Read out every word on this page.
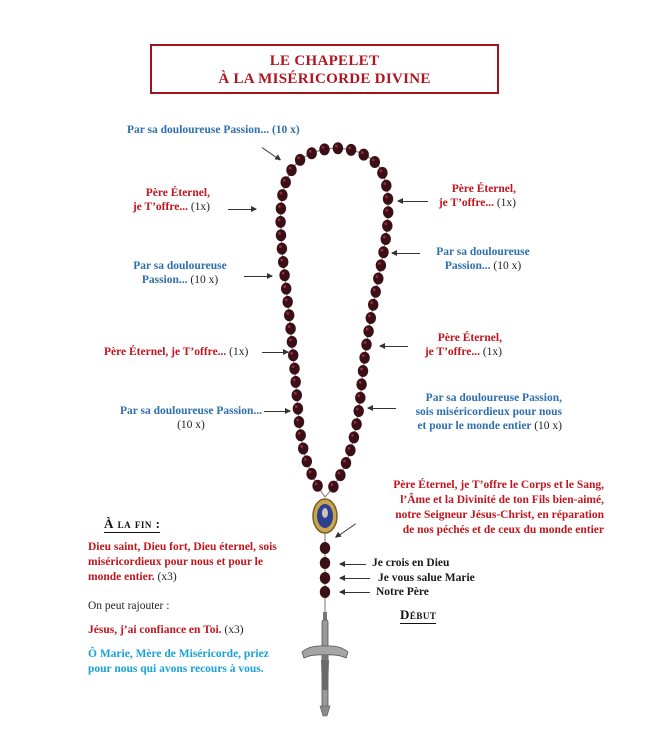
LE CHAPELET
À LA MISÉRICORDE DIVINE
Par sa douloureuse Passion... (10 x)
Père Éternel,
je T’offre... (1x)
Par sa douloureuse
Passion... (10 x)
Père Éternel, je T’offre... (1x)
Par sa douloureuse Passion...
(10 x)
Père Éternel,
je T’offre... (1x)
Par sa douloureuse
Passion... (10 x)
Père Éternel,
je T’offre... (1x)
Par sa douloureuse Passion,
sois miséricordieux pour nous
et pour le monde entier (10 x)
Père Éternel, je T’offre le Corps et le Sang,
l’Âme et la Divinité de ton Fils bien-aimé,
notre Seigneur Jésus-Christ, en réparation
de nos péchés et de ceux du monde entier
Je crois en Dieu
Je vous salue Marie
Notre Père
Début
À la fin :
Dieu saint, Dieu fort, Dieu éternel, sois
miséricordieux pour nous et pour le
monde entier. (x3)
On peut rajouter :
Jésus, j’ai confiance en Toi. (x3)
Ô Marie, Mère de Miséricorde, priez
pour nous qui avons recours à vous.
